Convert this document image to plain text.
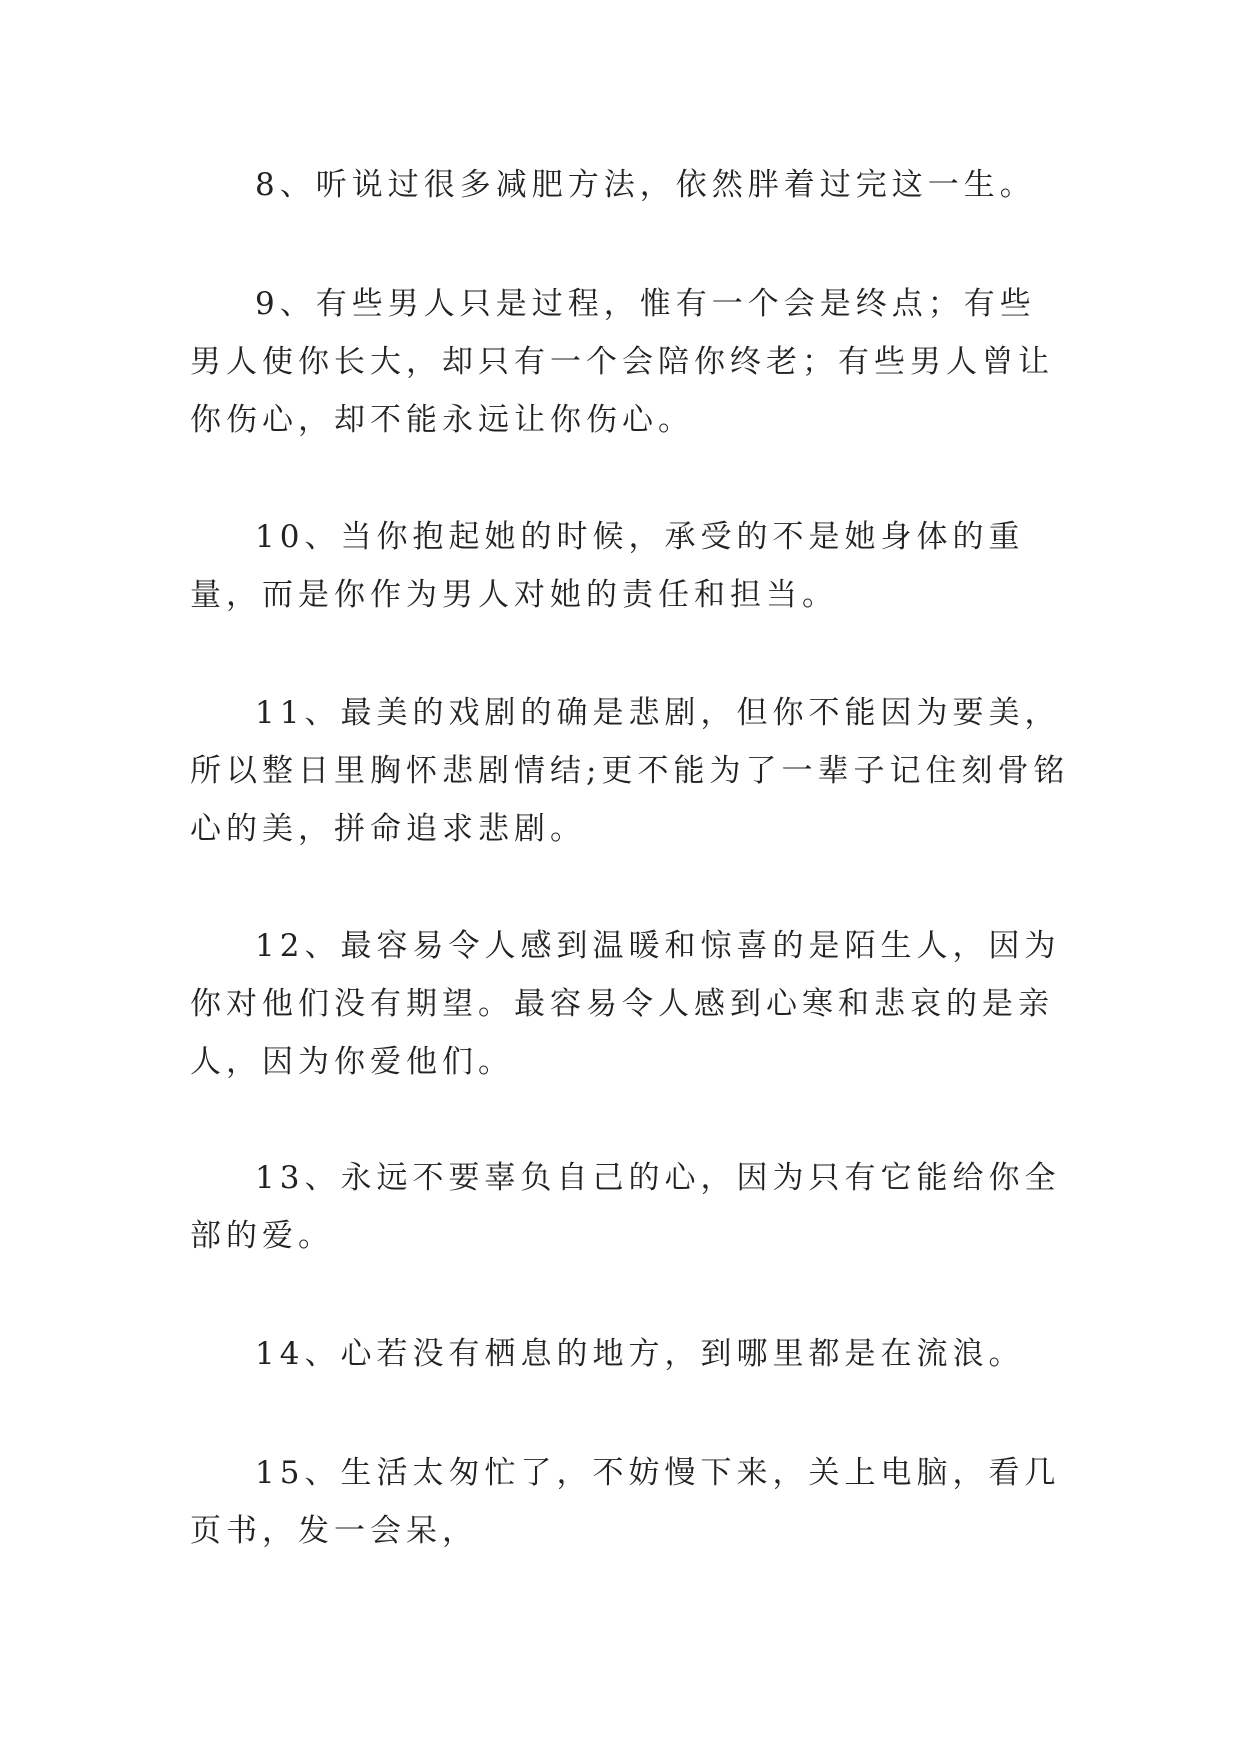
8、听说过很多减肥方法，依然胖着过完这一生。

9、有些男人只是过程，惟有一个会是终点；有些男人使你长大，却只有一个会陪你终老；有些男人曾让你伤心，却不能永远让你伤心。

10、当你抱起她的时候，承受的不是她身体的重量，而是你作为男人对她的责任和担当。

11、最美的戏剧的确是悲剧，但你不能因为要美，所以整日里胸怀悲剧情结;更不能为了一辈子记住刻骨铭心的美，拼命追求悲剧。

12、最容易令人感到温暖和惊喜的是陌生人，因为你对他们没有期望。最容易令人感到心寒和悲哀的是亲人，因为你爱他们。

13、永远不要辜负自己的心，因为只有它能给你全部的爱。

14、心若没有栖息的地方，到哪里都是在流浪。

15、生活太匆忙了，不妨慢下来，关上电脑，看几页书，发一会呆，
